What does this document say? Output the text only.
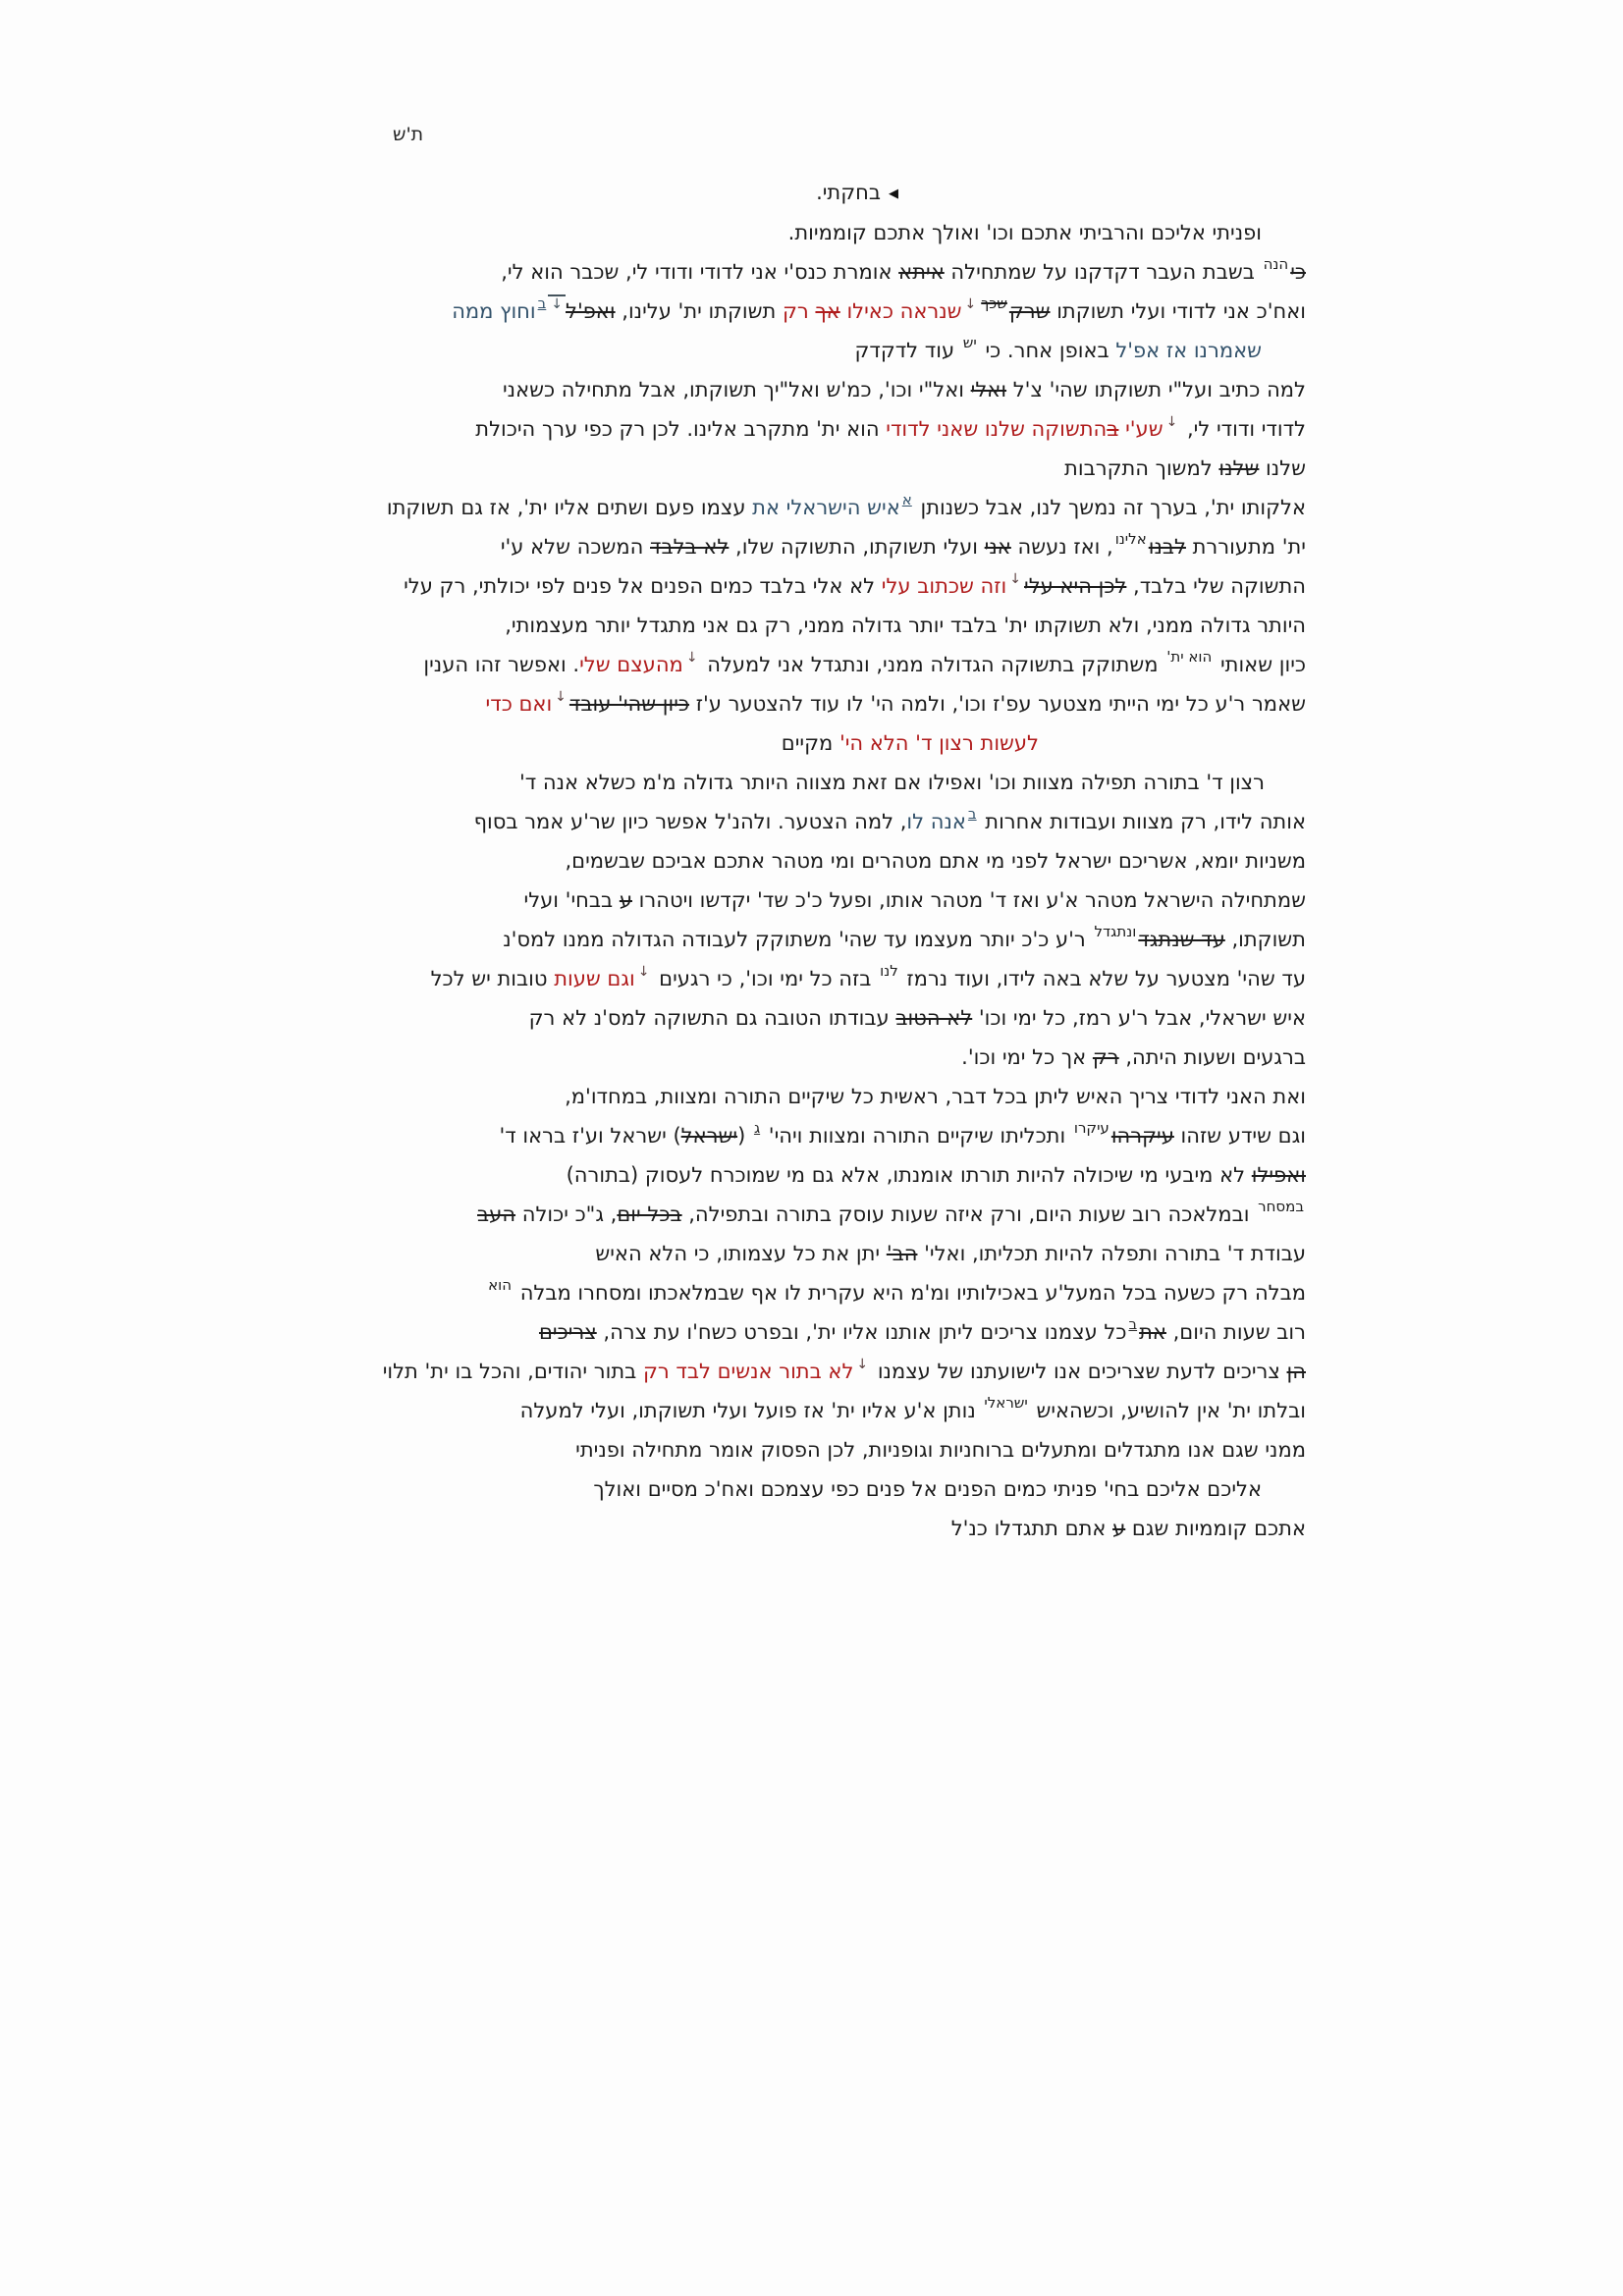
ת'ש
◀בחקתי.
ופניתי אליכם והרביתי אתכם וכו' ואולך אתכם קוממיות.
כי$^{הנה}$ בשבת העבר דקדקנו על שמתחילה איתא אומרת כנס'י אני לדודי ודודי לי, שכבר הוא לי,
ואח'כ אני לדודי ועלי תשוקתו שרק$^{שכך↓}$שנראה כאילו אך רק תשוקתו ית' עלינו, ואפ'ל$^{↓ב}$וחוץ ממה
שאמרנו אז אפ'ל באופן אחר. כי $^{יש}$ עוד לדקדק
למה כתיב ועל"י תשוקתו שהי' צ'ל ואלי ואל"י וכו', כמ'ש ואל"יך תשוקתו, אבל מתחילה כשאני
לדודי ודודי לי, ↓שע'י בהתשוקה שלנו שאני לדודי הוא ית' מתקרב אלינו. לכן רק כפי ערך היכולת
שלנו שלנו למשוך התקרבות
אלקותו ית', בערך זה נמשך לנו, אבל כשנותן $^א$איש הישראלי את עצמו פעם ושתים אליו ית', אז גם תשוקתו
ית' מתעוררת לבנו$^{אלינו}$, ואז נעשה אני ועלי תשוקתו, התשוקה שלו, לא בלבד המשכה שלא ע'י
התשוקה שלי בלבד, לכן היא עלי↓וזה שכתוב עלי לא אלי בלבד כמים הפנים אל פנים לפי יכולתי, רק עלי
היותר גדולה ממני, ולא תשוקתו ית' בלבד יותר גדולה ממני, רק גם אני מתגדל יותר מעצמותי,
כיון שאותי $^{הוא ית'}$ משתוקק בתשוקה הגדולה ממני, ונתגדל אני למעלה ↓מהעצם שלי. ואפשר זהו הענין
שאמר ר'ע כל ימי הייתי מצטער עפ'ז וכו', ולמה הי' לו עוד להצטער ע'ז כיון שהי' עובד↓ואם כדי
לעשות רצון ד' הלא הי' מקיים
רצון ד' בתורה תפילה מצוות וכו' ואפילו אם זאת מצווה היותר גדולה מ'מ כשלא אנה ד'
אותה לידו, רק מצוות ועבודות אחרות $^ב$אנה לו, למה הצטער. ולהנ'ל אפשר כיון שר'ע אמר בסוף
משניות יומא, אשריכם ישראל לפני מי אתם מטהרים ומי מטהר אתכם אביכם שבשמים,
שמתחילה הישראל מטהר א'ע ואז ד' מטהר אותו, ופעל כ'כ שד' יקדשו ויטהרו ע בבחי' ועלי
תשוקתו, עד שנתגד$^{ונתגדל}$ ר'ע כ'כ יותר מעצמו עד שהי' משתוקק לעבודה הגדולה ממנו למס'נ
עד שהי' מצטער על שלא באה לידו, ועוד נרמז $^{לנו}$ בזה כל ימי וכו', כי רגעים ↓וגם שעות טובות יש לכל
איש ישראלי, אבל ר'ע רמז, כל ימי וכו' לא הטוב עבודתו הטובה גם התשוקה למס'נ לא רק
ברגעים ושעות היתה, רק אך כל ימי וכו'.
ואת האני לדודי צריך האיש ליתן בכל דבר, ראשית כל שיקיים התורה ומצוות, במחדו'מ,
וגם שידע שזהו עיקרהו$^{עיקרו}$ ותכליתו שיקיים התורה ומצוות ויהי' $^ג$ (ישראל) ישראל וע'ז בראו ד'
ואפילו לא מיבעי מי שיכולה להיות תורתו אומנתו, אלא גם מי שמוכרח לעסוק (בתורה)
$^{במסחר}$ ובמלאכה רוב שעות היום, ורק איזה שעות עוסק בתורה ובתפילה, בכל יום, ג"כ יכולה העב
עבודת ד' בתורה ותפלה להיות תכליתו, ואלי' הב' יתן את כל עצמותו, כי הלא האיש
מבלה רק כשעה בכל המעל'ע באכילותיו ומ'מ היא עקרית לו אף שבמלאכתו ומסחרו מבלה $^{הוא}$
רוב שעות היום, את$^ב$כל עצמנו צריכים ליתן אותנו אליו ית', ובפרט כשח'ו עת צרה, צריכים
הן צריכים לדעת שצריכים אנו לישועתנו של עצמנו ↓לא בתור אנשים לבד רק בתור יהודים, והכל בו ית' תלוי
ובלתו ית' אין להושיע, וכשהאיש $^{ישראלי}$ נותן א'ע אליו ית' אז פועל ועלי תשוקתו, ועלי למעלה
ממני שגם אנו מתגדלים ומתעלים ברוחניות וגופניות, לכן הפסוק אומר מתחילה ופניתי
אליכם אליכם בחי' פניתי כמים הפנים אל פנים כפי עצמכם ואח'כ מסיים ואולך
אתכם קוממיות שגם ע אתם תתגדלו כנ'ל
